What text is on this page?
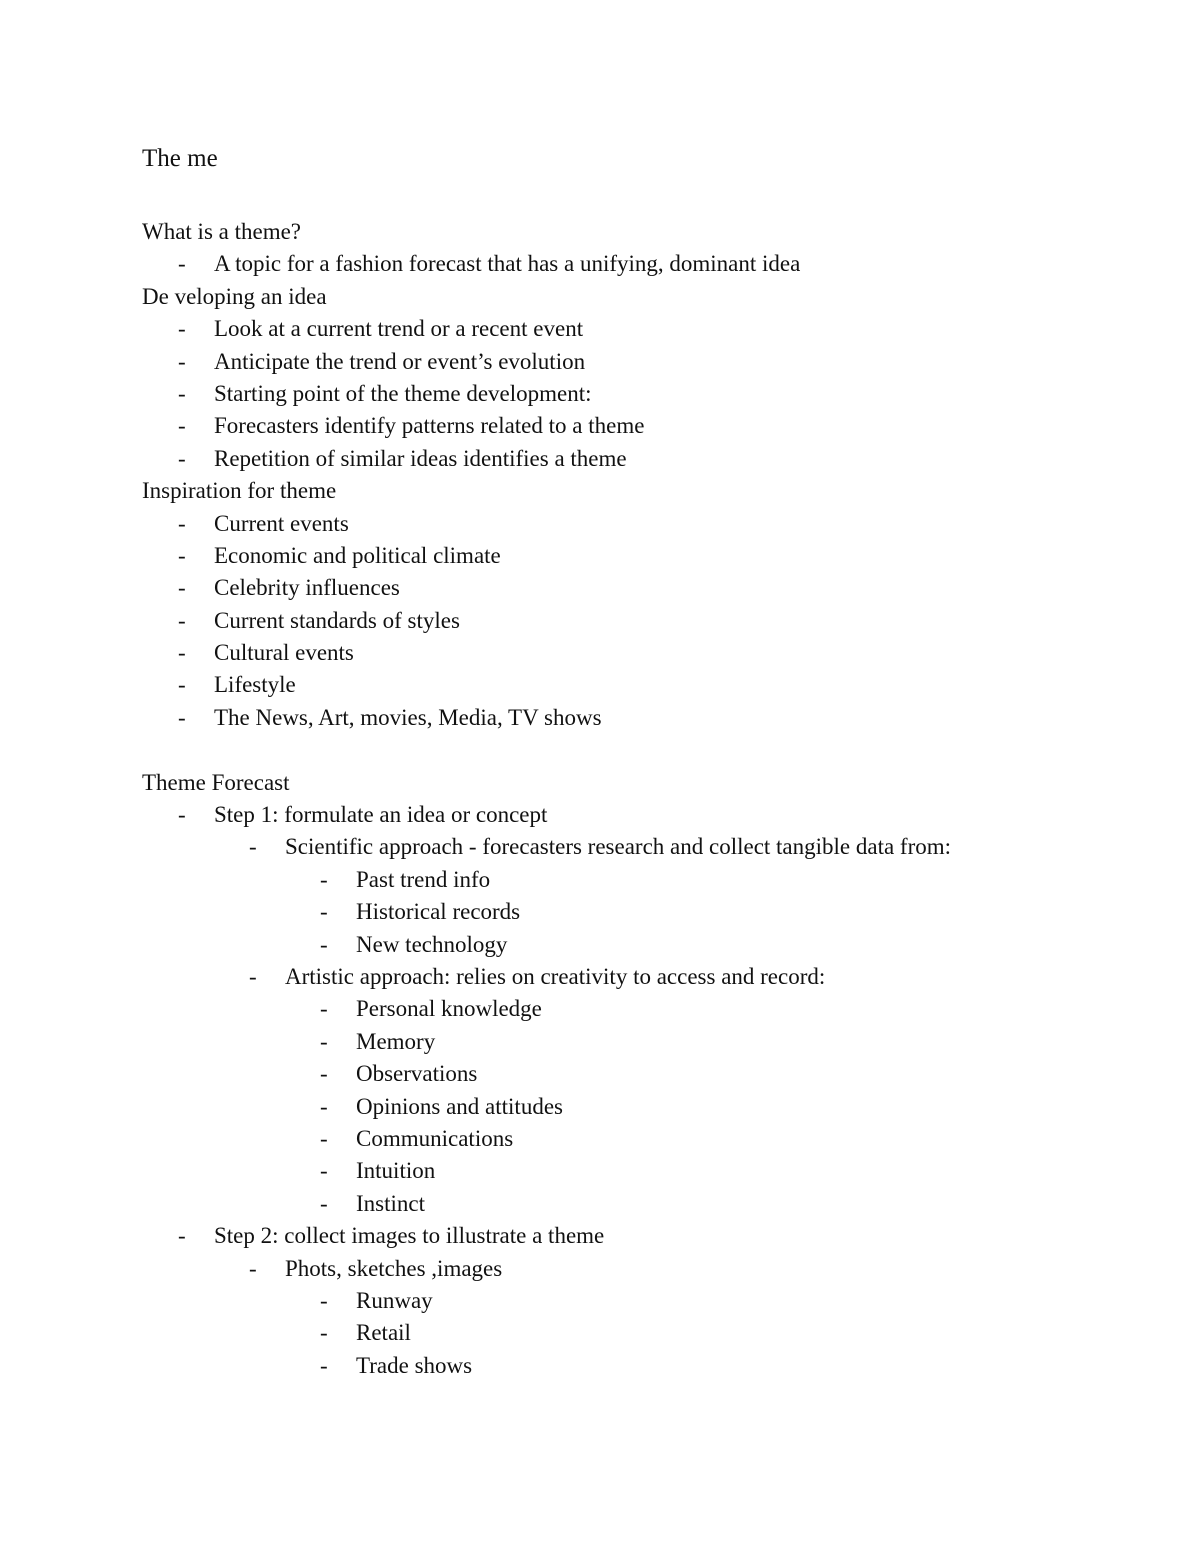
The me
What is a theme?
- A topic for a fashion forecast that has a unifying, dominant idea
De veloping an idea
- Look at a current trend or a recent event
- Anticipate the trend or event’s evolution
- Starting point of the theme development:
- Forecasters identify patterns related to a theme
- Repetition of similar ideas identifies a theme
Inspiration for theme
- Current events
- Economic and political climate
- Celebrity influences
- Current standards of styles
- Cultural events
- Lifestyle
- The News, Art, movies, Media, TV shows
Theme Forecast
- Step 1: formulate an idea or concept
- Scientific approach - forecasters research and collect tangible data from:
- Past trend info
- Historical records
- New technology
- Artistic approach: relies on creativity to access and record:
- Personal knowledge
- Memory
- Observations
- Opinions and attitudes
- Communications
- Intuition
- Instinct
- Step 2: collect images to illustrate a theme
- Phots, sketches ,images
- Runway
- Retail
- Trade shows
